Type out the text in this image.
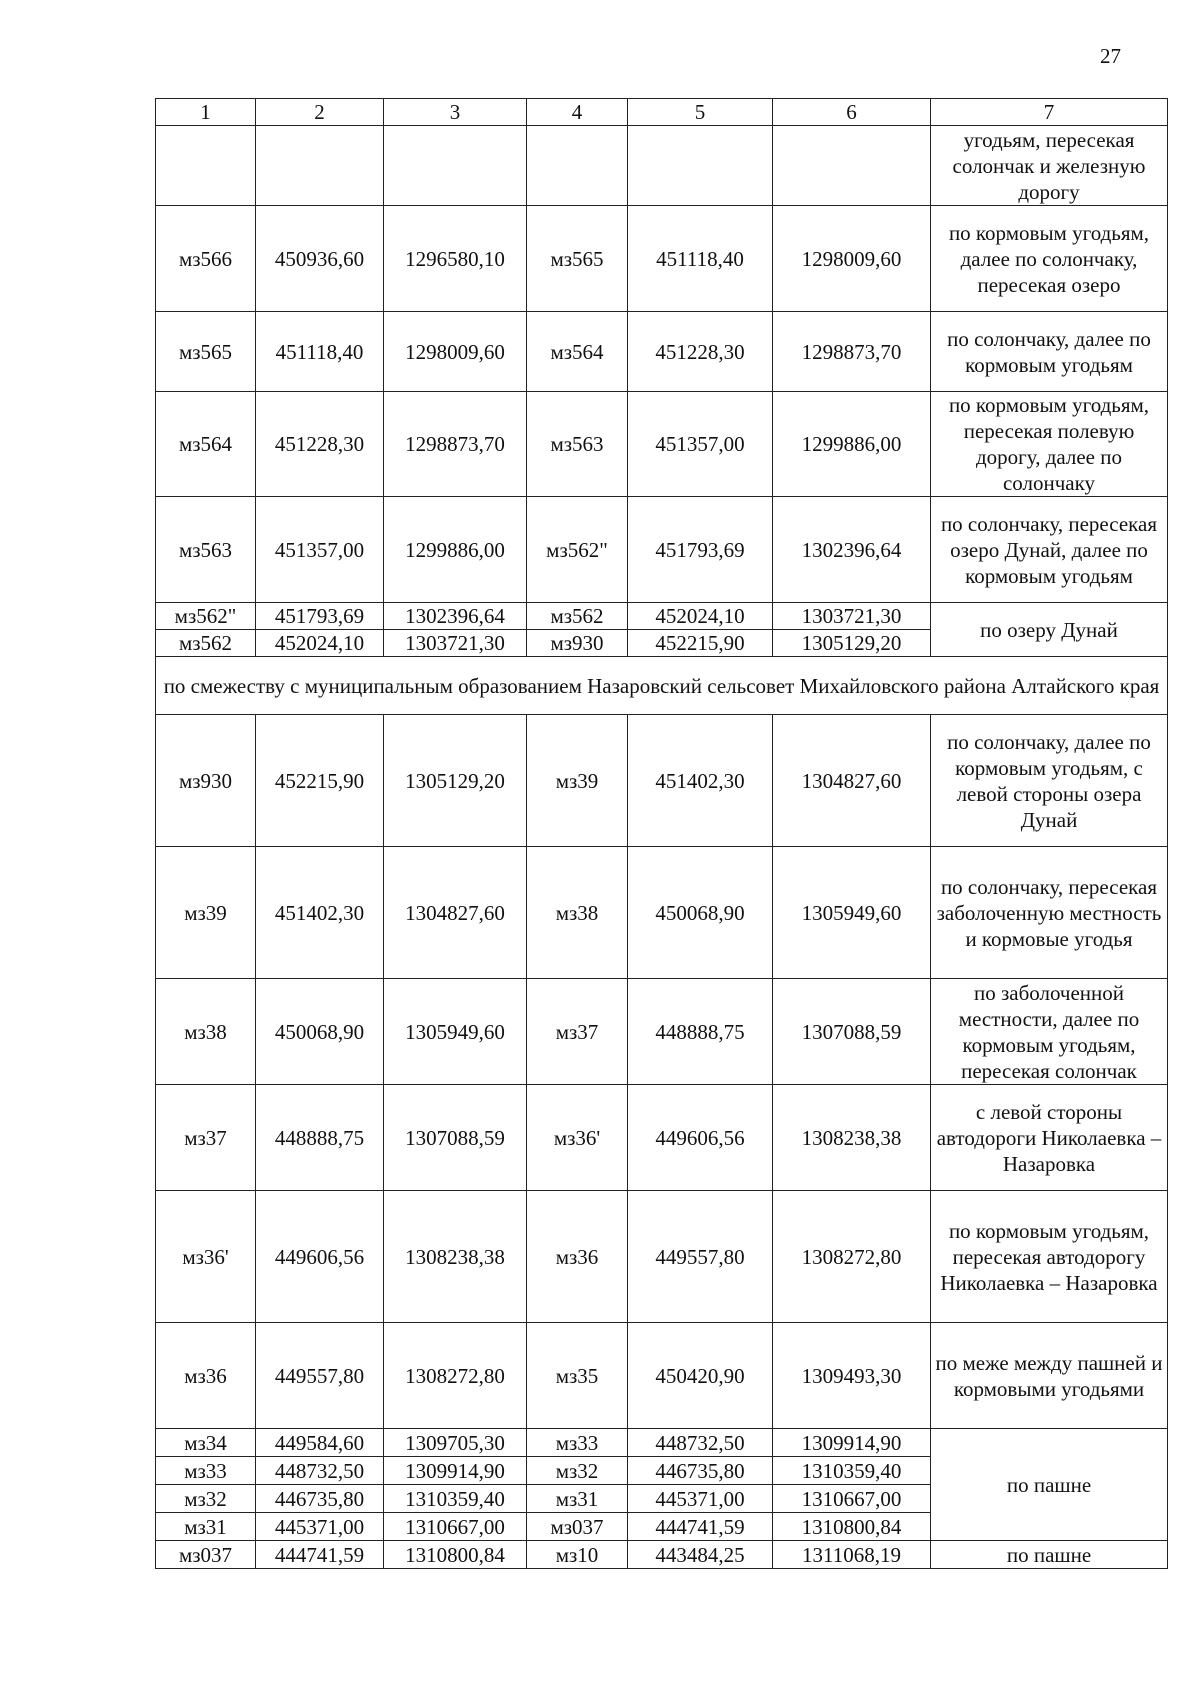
27
1	2	3	4	5	6	7
						угодьям, пересекая солончак и железную дорогу
мз566	450936,60	1296580,10	мз565	451118,40	1298009,60	по кормовым угодьям, далее по солончаку, пересекая озеро
мз565	451118,40	1298009,60	мз564	451228,30	1298873,70	по солончаку, далее по кормовым угодьям
мз564	451228,30	1298873,70	мз563	451357,00	1299886,00	по кормовым угодьям, пересекая полевую дорогу, далее по солончаку
мз563	451357,00	1299886,00	мз562"	451793,69	1302396,64	по солончаку, пересекая озеро Дунай, далее по кормовым угодьям
мз562"	451793,69	1302396,64	мз562	452024,10	1303721,30	по озеру Дунай
мз562	452024,10	1303721,30	мз930	452215,90	1305129,20	
по смежеству с муниципальным образованием Назаровский сельсовет Михайловского района Алтайского края						
мз930	452215,90	1305129,20	мз39	451402,30	1304827,60	по солончаку, далее по кормовым угодьям, с левой стороны озера Дунай
мз39	451402,30	1304827,60	мз38	450068,90	1305949,60	по солончаку, пересекая заболоченную местность и кормовые угодья
мз38	450068,90	1305949,60	мз37	448888,75	1307088,59	по заболоченной местности, далее по кормовым угодьям, пересекая солончак
мз37	448888,75	1307088,59	мз36'	449606,56	1308238,38	с левой стороны автодороги Николаевка – Назаровка
мз36'	449606,56	1308238,38	мз36	449557,80	1308272,80	по кормовым угодьям, пересекая автодорогу Николаевка – Назаровка
мз36	449557,80	1308272,80	мз35	450420,90	1309493,30	по меже между пашней и кормовыми угодьями
мз34	449584,60	1309705,30	мз33	448732,50	1309914,90	по пашне
мз33	448732,50	1309914,90	мз32	446735,80	1310359,40	
мз32	446735,80	1310359,40	мз31	445371,00	1310667,00	
мз31	445371,00	1310667,00	мз037	444741,59	1310800,84	
мз037	444741,59	1310800,84	мз10	443484,25	1311068,19	по пашне
